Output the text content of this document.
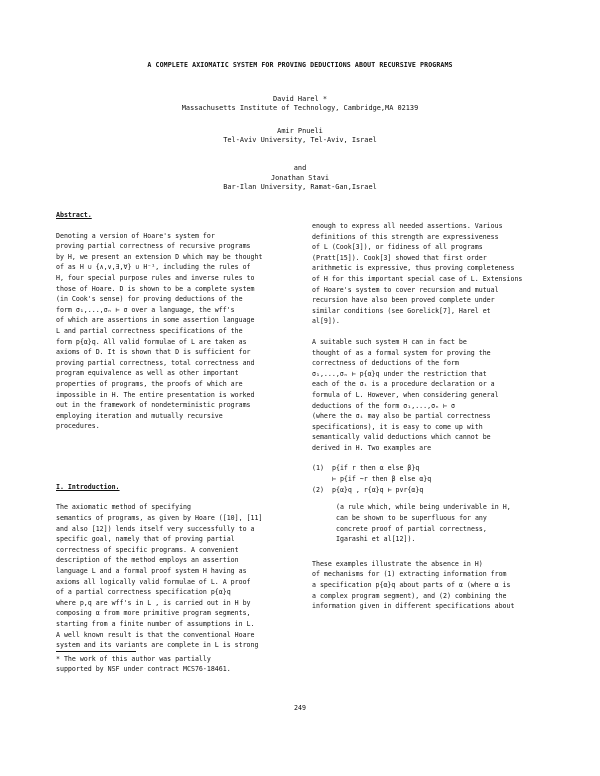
A COMPLETE AXIOMATIC SYSTEM FOR PROVING DEDUCTIONS ABOUT RECURSIVE PROGRAMS
David Harel *
Massachusetts Institute of Technology, Cambridge,MA 02139
Amir Pnueli
Tel-Aviv University, Tel-Aviv, Israel
and
Jonathan Stavi
Bar-Ilan University, Ramat-Gan,Israel
Abstract.
Denoting a version of Hoare's system for
proving partial correctness of recursive programs
by H, we present an extension D which may be thought
of as H ∪ {∧,∨,∃,∀} ∪ H⁻¹, including the rules of
H, four special purpose rules and inverse rules to
those of Hoare. D is shown to be a complete system
(in Cook's sense) for proving deductions of the
form σ₁,...,σₙ ⊢ σ over a language, the wff's
of which are assertions in some assertion language
L and partial correctness specifications of the
form p{α}q. All valid formulae of L are taken as
axioms of D. It is shown that D is sufficient for
proving partial correctness, total correctness and
program equivalence as well as other important
properties of programs, the proofs of which are
impossible in H. The entire presentation is worked
out in the framework of nondeterministic programs
employing iteration and mutually recursive
procedures.
I. Introduction.
The axiomatic method of specifying
semantics of programs, as given by Hoare ([10], [11]
and also [12]) lends itself very successfully to a
specific goal, namely that of proving partial
correctness of specific programs. A convenient
description of the method employs an assertion
language L and a formal proof system H having as
axioms all logically valid formulae of L. A proof
of a partial correctness specification p{α}q
where p,q are wff's in L , is carried out in H by
composing α from more primitive program segments,
starting from a finite number of assumptions in L.
A well known result is that the conventional Hoare
system and its variants are complete in L is strong
enough to express all needed assertions. Various
definitions of this strength are expressiveness
of L (Cook[3]), or fidiness of all programs
(Pratt[15]). Cook[3] showed that first order
arithmetic is expressive, thus proving completeness
of H for this important special case of L. Extensions
of Hoare's system to cover recursion and mutual
recursion have also been proved complete under
similar conditions (see Gorelick[7], Harel et
al[9]).
A suitable such system H can in fact be
thought of as a formal system for proving the
correctness of deductions of the form
σ₁,...,σₙ ⊢ p{α}q under the restriction that
each of the σᵢ is a procedure declaration or a
formula of L. However, when considering general
deductions of the form σ₁,...,σₙ ⊢ σ
(where the σᵢ may also be partial correctness
specifications), it is easy to come up with
semantically valid deductions which cannot be
derived in H. Two examples are
(1)	p{if r then α else β}q
⊢ p{if ~r then β else α}q
(2)	p{α}q , r{α}q ⊢ p∨r{α}q
(a rule which, while being underivable in H,
can be shown to be superfluous for any
concrete proof of partial correctness,
Igarashi et al[12]).
These examples illustrate the absence in H)
of mechanisms for (1) extracting information from
a specification p{α}q about parts of α (where α is
a complex program segment), and (2) combining the
information given in different specifications about
* The work of this author was partially
supported by NSF under contract MCS76-18461.
249
